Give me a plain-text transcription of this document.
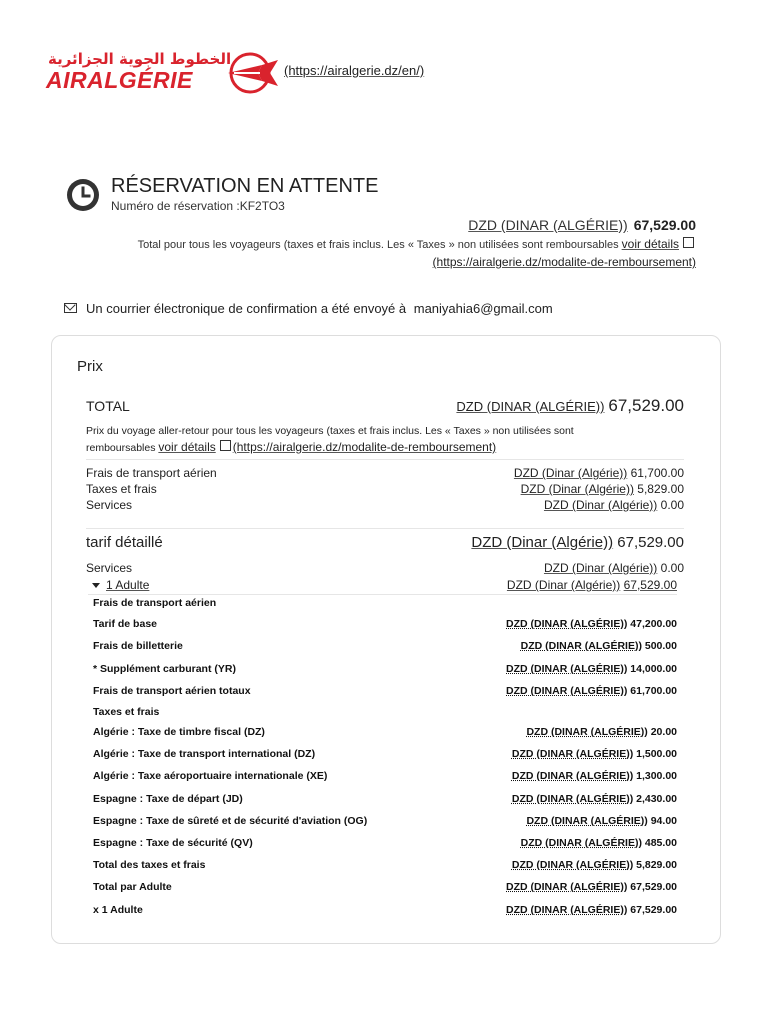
الخطوط الجوية الجزائرية
AIRALGÉRIE	(https://airalgerie.dz/en/)
RÉSERVATION EN ATTENTE
Numéro de réservation :KF2TO3
DZD (DINAR (ALGÉRIE)) 67,529.00
Total pour tous les voyageurs (taxes et frais inclus. Les « Taxes » non utilisées sont remboursables voir détails
(https://airalgerie.dz/modalite-de-remboursement)
Un courrier électronique de confirmation a été envoyé à maniyahia6@gmail.com
Prix
TOTAL	DZD (DINAR (ALGÉRIE)) 67,529.00
Prix du voyage aller-retour pour tous les voyageurs (taxes et frais inclus. Les « Taxes » non utilisées sont remboursables voir détails (https://airalgerie.dz/modalite-de-remboursement)
Frais de transport aérien	DZD (Dinar (Algérie)) 61,700.00
Taxes et frais	DZD (Dinar (Algérie)) 5,829.00
Services	DZD (Dinar (Algérie)) 0.00
tarif détaillé	DZD (Dinar (Algérie)) 67,529.00
Services	DZD (Dinar (Algérie)) 0.00
1 Adulte	DZD (Dinar (Algérie)) 67,529.00
Frais de transport aérien
Tarif de base	DZD (DINAR (ALGÉRIE)) 47,200.00
Frais de billetterie	DZD (DINAR (ALGÉRIE)) 500.00
* Supplément carburant (YR)	DZD (DINAR (ALGÉRIE)) 14,000.00
Frais de transport aérien totaux	DZD (DINAR (ALGÉRIE)) 61,700.00
Taxes et frais
Algérie : Taxe de timbre fiscal (DZ)	DZD (DINAR (ALGÉRIE)) 20.00
Algérie : Taxe de transport international (DZ)	DZD (DINAR (ALGÉRIE)) 1,500.00
Algérie : Taxe aéroportuaire internationale (XE)	DZD (DINAR (ALGÉRIE)) 1,300.00
Espagne : Taxe de départ (JD)	DZD (DINAR (ALGÉRIE)) 2,430.00
Espagne : Taxe de sûreté et de sécurité d'aviation (OG)	DZD (DINAR (ALGÉRIE)) 94.00
Espagne : Taxe de sécurité (QV)	DZD (DINAR (ALGÉRIE)) 485.00
Total des taxes et frais	DZD (DINAR (ALGÉRIE)) 5,829.00
Total par Adulte	DZD (DINAR (ALGÉRIE)) 67,529.00
x 1 Adulte	DZD (DINAR (ALGÉRIE)) 67,529.00
